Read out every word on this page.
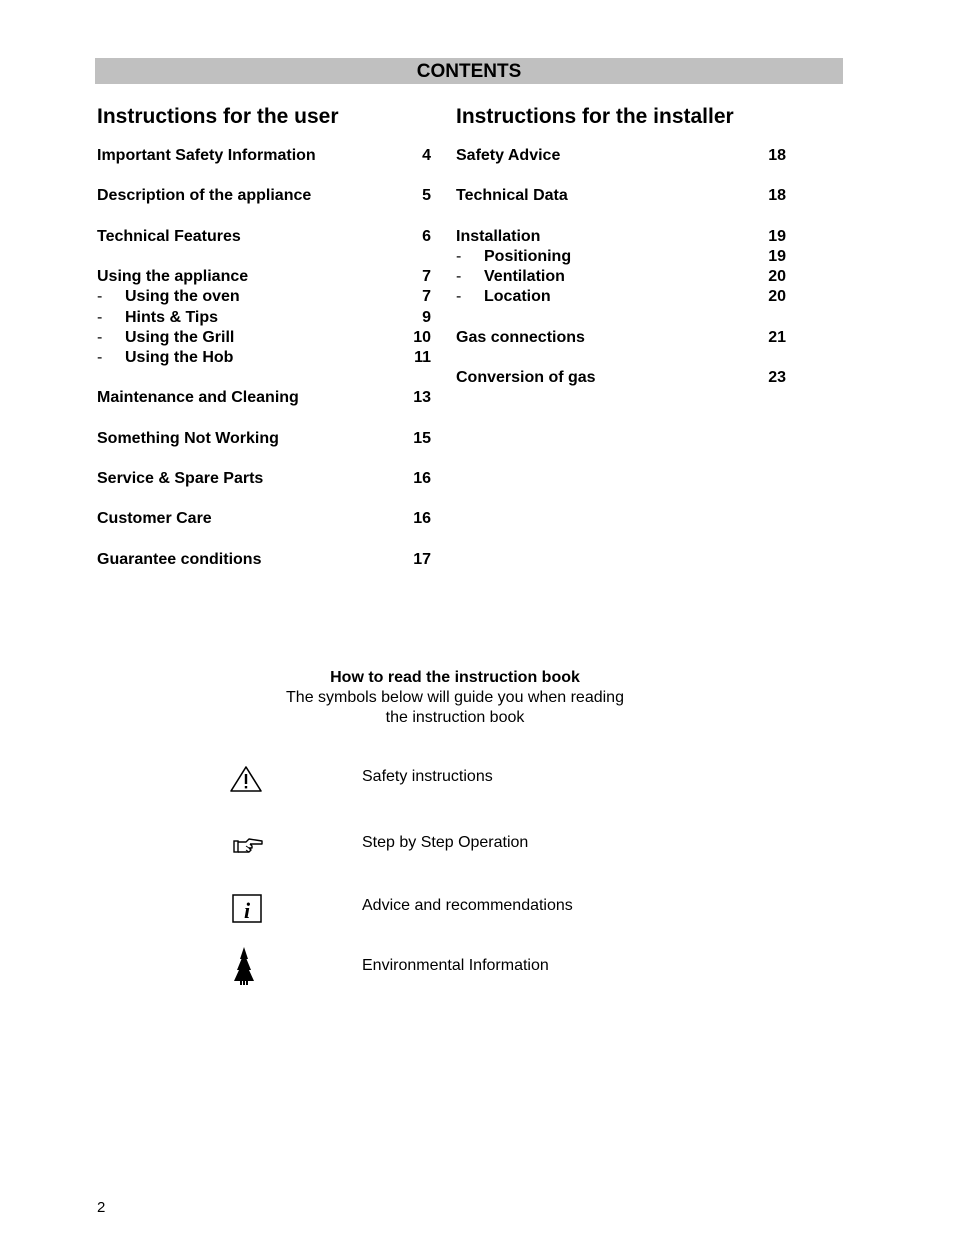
CONTENTS
Instructions for the user
Important Safety Information	4
Description of the appliance	5
Technical Features	6
Using the appliance	7
-	Using the oven	7
-	Hints & Tips	9
-	Using the Grill	10
-	Using the Hob	11
Maintenance and Cleaning	13
Something Not Working	15
Service & Spare Parts	16
Customer Care	16
Guarantee conditions	17
Instructions for the installer
Safety Advice	18
Technical Data	18
Installation	19
-	Positioning	19
-	Ventilation	20
-	Location	20
Gas connections	21
Conversion of gas	23
How to read the instruction book
The symbols below will guide you when reading
the instruction book
Safety instructions
Step by Step Operation
i	Advice and recommendations
Environmental Information
2
